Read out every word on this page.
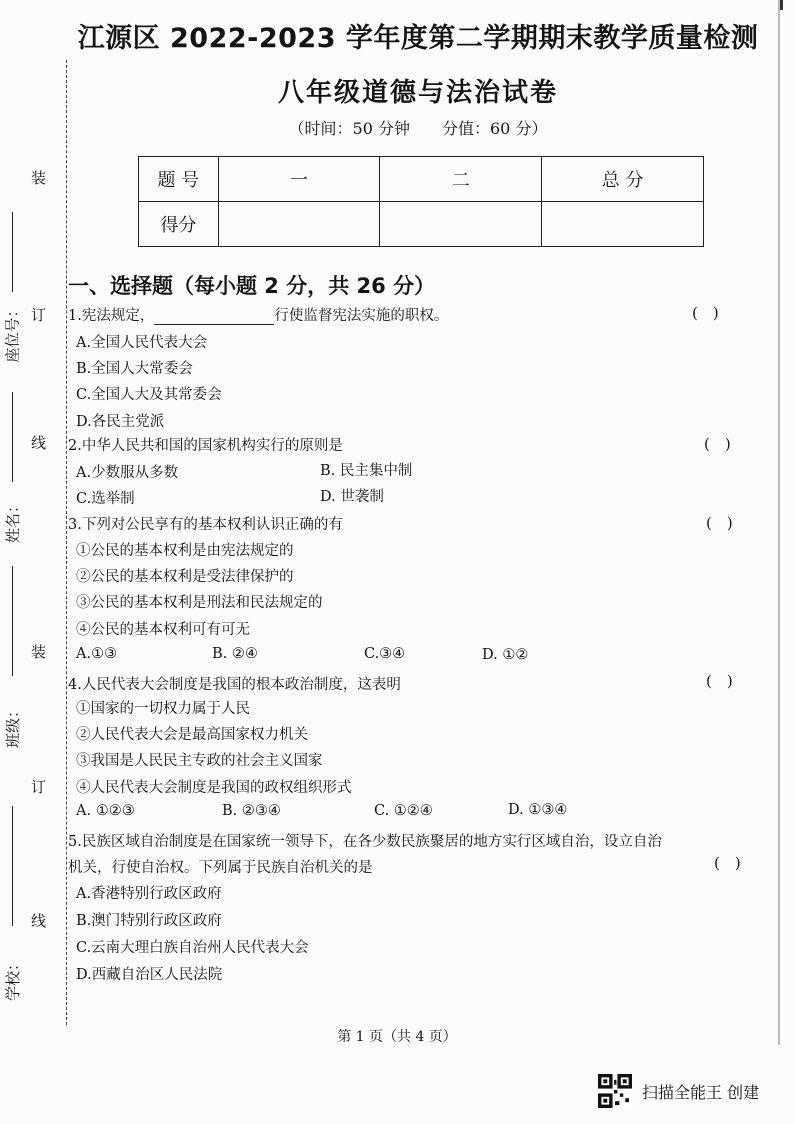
装
订
线
装
订
线
座位号：
姓名：
班级：
学校：
江源区 2022-2023 学年度第二学期期末教学质量检测
八年级道德与法治试卷
（时间：50 分钟　　分值：60 分）
题 号	一	二	总 分
得分			
一、选择题（每小题 2 分，共 26 分）
1.宪法规定，	行使监督宪法实施的职权。	(　)
A.全国人民代表大会
B.全国人大常委会
C.全国人大及其常委会
D.各民主党派
2.中华人民共和国的国家机构实行的原则是	(　)
A.少数服从多数	B. 民主集中制
C.选举制	D. 世袭制
3.下列对公民享有的基本权利认识正确的有	(　)
①公民的基本权利是由宪法规定的
②公民的基本权利是受法律保护的
③公民的基本权利是刑法和民法规定的
④公民的基本权利可有可无
A.①③	B. ②④	C.③④	D. ①②
4.人民代表大会制度是我国的根本政治制度，这表明	(　)
①国家的一切权力属于人民
②人民代表大会是最高国家权力机关
③我国是人民民主专政的社会主义国家
④人民代表大会制度是我国的政权组织形式
A. ①②③	B. ②③④	C. ①②④	D. ①③④
5.民族区域自治制度是在国家统一领导下，在各少数民族聚居的地方实行区域自治，设立自治
机关，行使自治权。下列属于民族自治机关的是	(　)
A.香港特别行政区政府
B.澳门特别行政区政府
C.云南大理白族自治州人民代表大会
D.西藏自治区人民法院
第 1 页（共 4 页）
扫描全能王 创建
